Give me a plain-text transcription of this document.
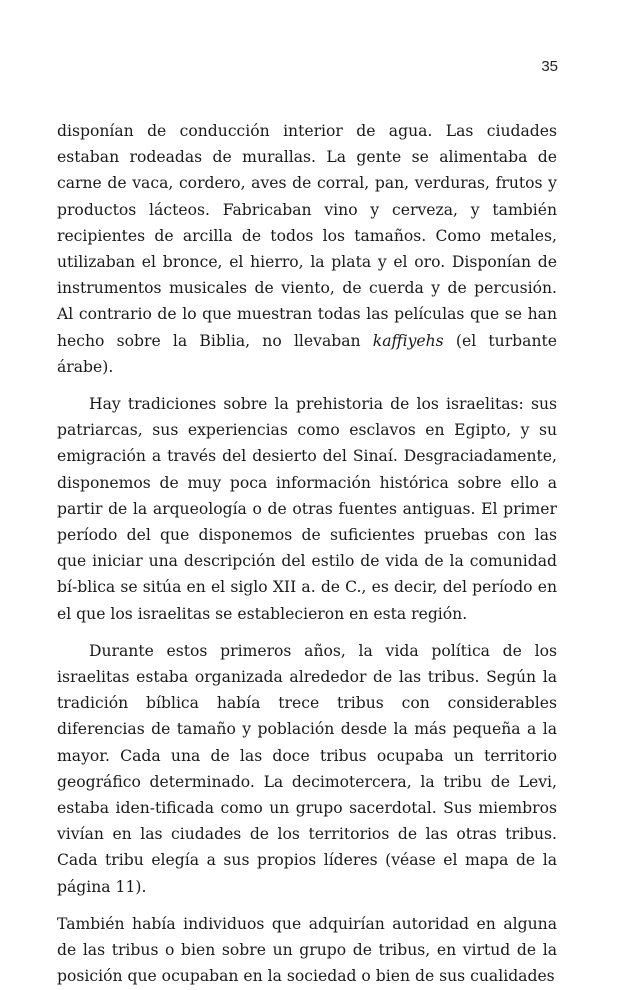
35

disponían de conducción interior de agua. Las ciudades estaban rodeadas de murallas. La gente se alimentaba de carne de vaca, cordero, aves de corral, pan, verduras, frutos y productos lácteos. Fabricaban vino y cerveza, y también recipientes de arcilla de todos los tamaños. Como metales, utilizaban el bronce, el hierro, la plata y el oro. Disponían de instrumentos musicales de viento, de cuerda y de percusión. Al contrario de lo que muestran todas las películas que se han hecho sobre la Biblia, no llevaban kaffiyehs (el turbante árabe).

Hay tradiciones sobre la prehistoria de los israelitas: sus patriarcas, sus experiencias como esclavos en Egipto, y su emigración a través del desierto del Sinaí. Desgraciadamente, disponemos de muy poca información histórica sobre ello a partir de la arqueología o de otras fuentes antiguas. El primer período del que disponemos de suficientes pruebas con las que iniciar una descripción del estilo de vida de la comunidad bí-blica se sitúa en el siglo XII a. de C., es decir, del período en el que los israelitas se establecieron en esta región.

Durante estos primeros años, la vida política de los israelitas estaba organizada alrededor de las tribus. Según la tradición bíblica había trece tribus con considerables diferencias de tamaño y población desde la más pequeña a la mayor. Cada una de las doce tribus ocupaba un territorio geográfico determinado. La decimotercera, la tribu de Levi, estaba iden-tificada como un grupo sacerdotal. Sus miembros vivían en las ciudades de los territorios de las otras tribus. Cada tribu elegía a sus propios líderes (véase el mapa de la página 11).

También había individuos que adquirían autoridad en alguna de las tribus o bien sobre un grupo de tribus, en virtud de la posición que ocupaban en la sociedad o bien de sus cualidades
